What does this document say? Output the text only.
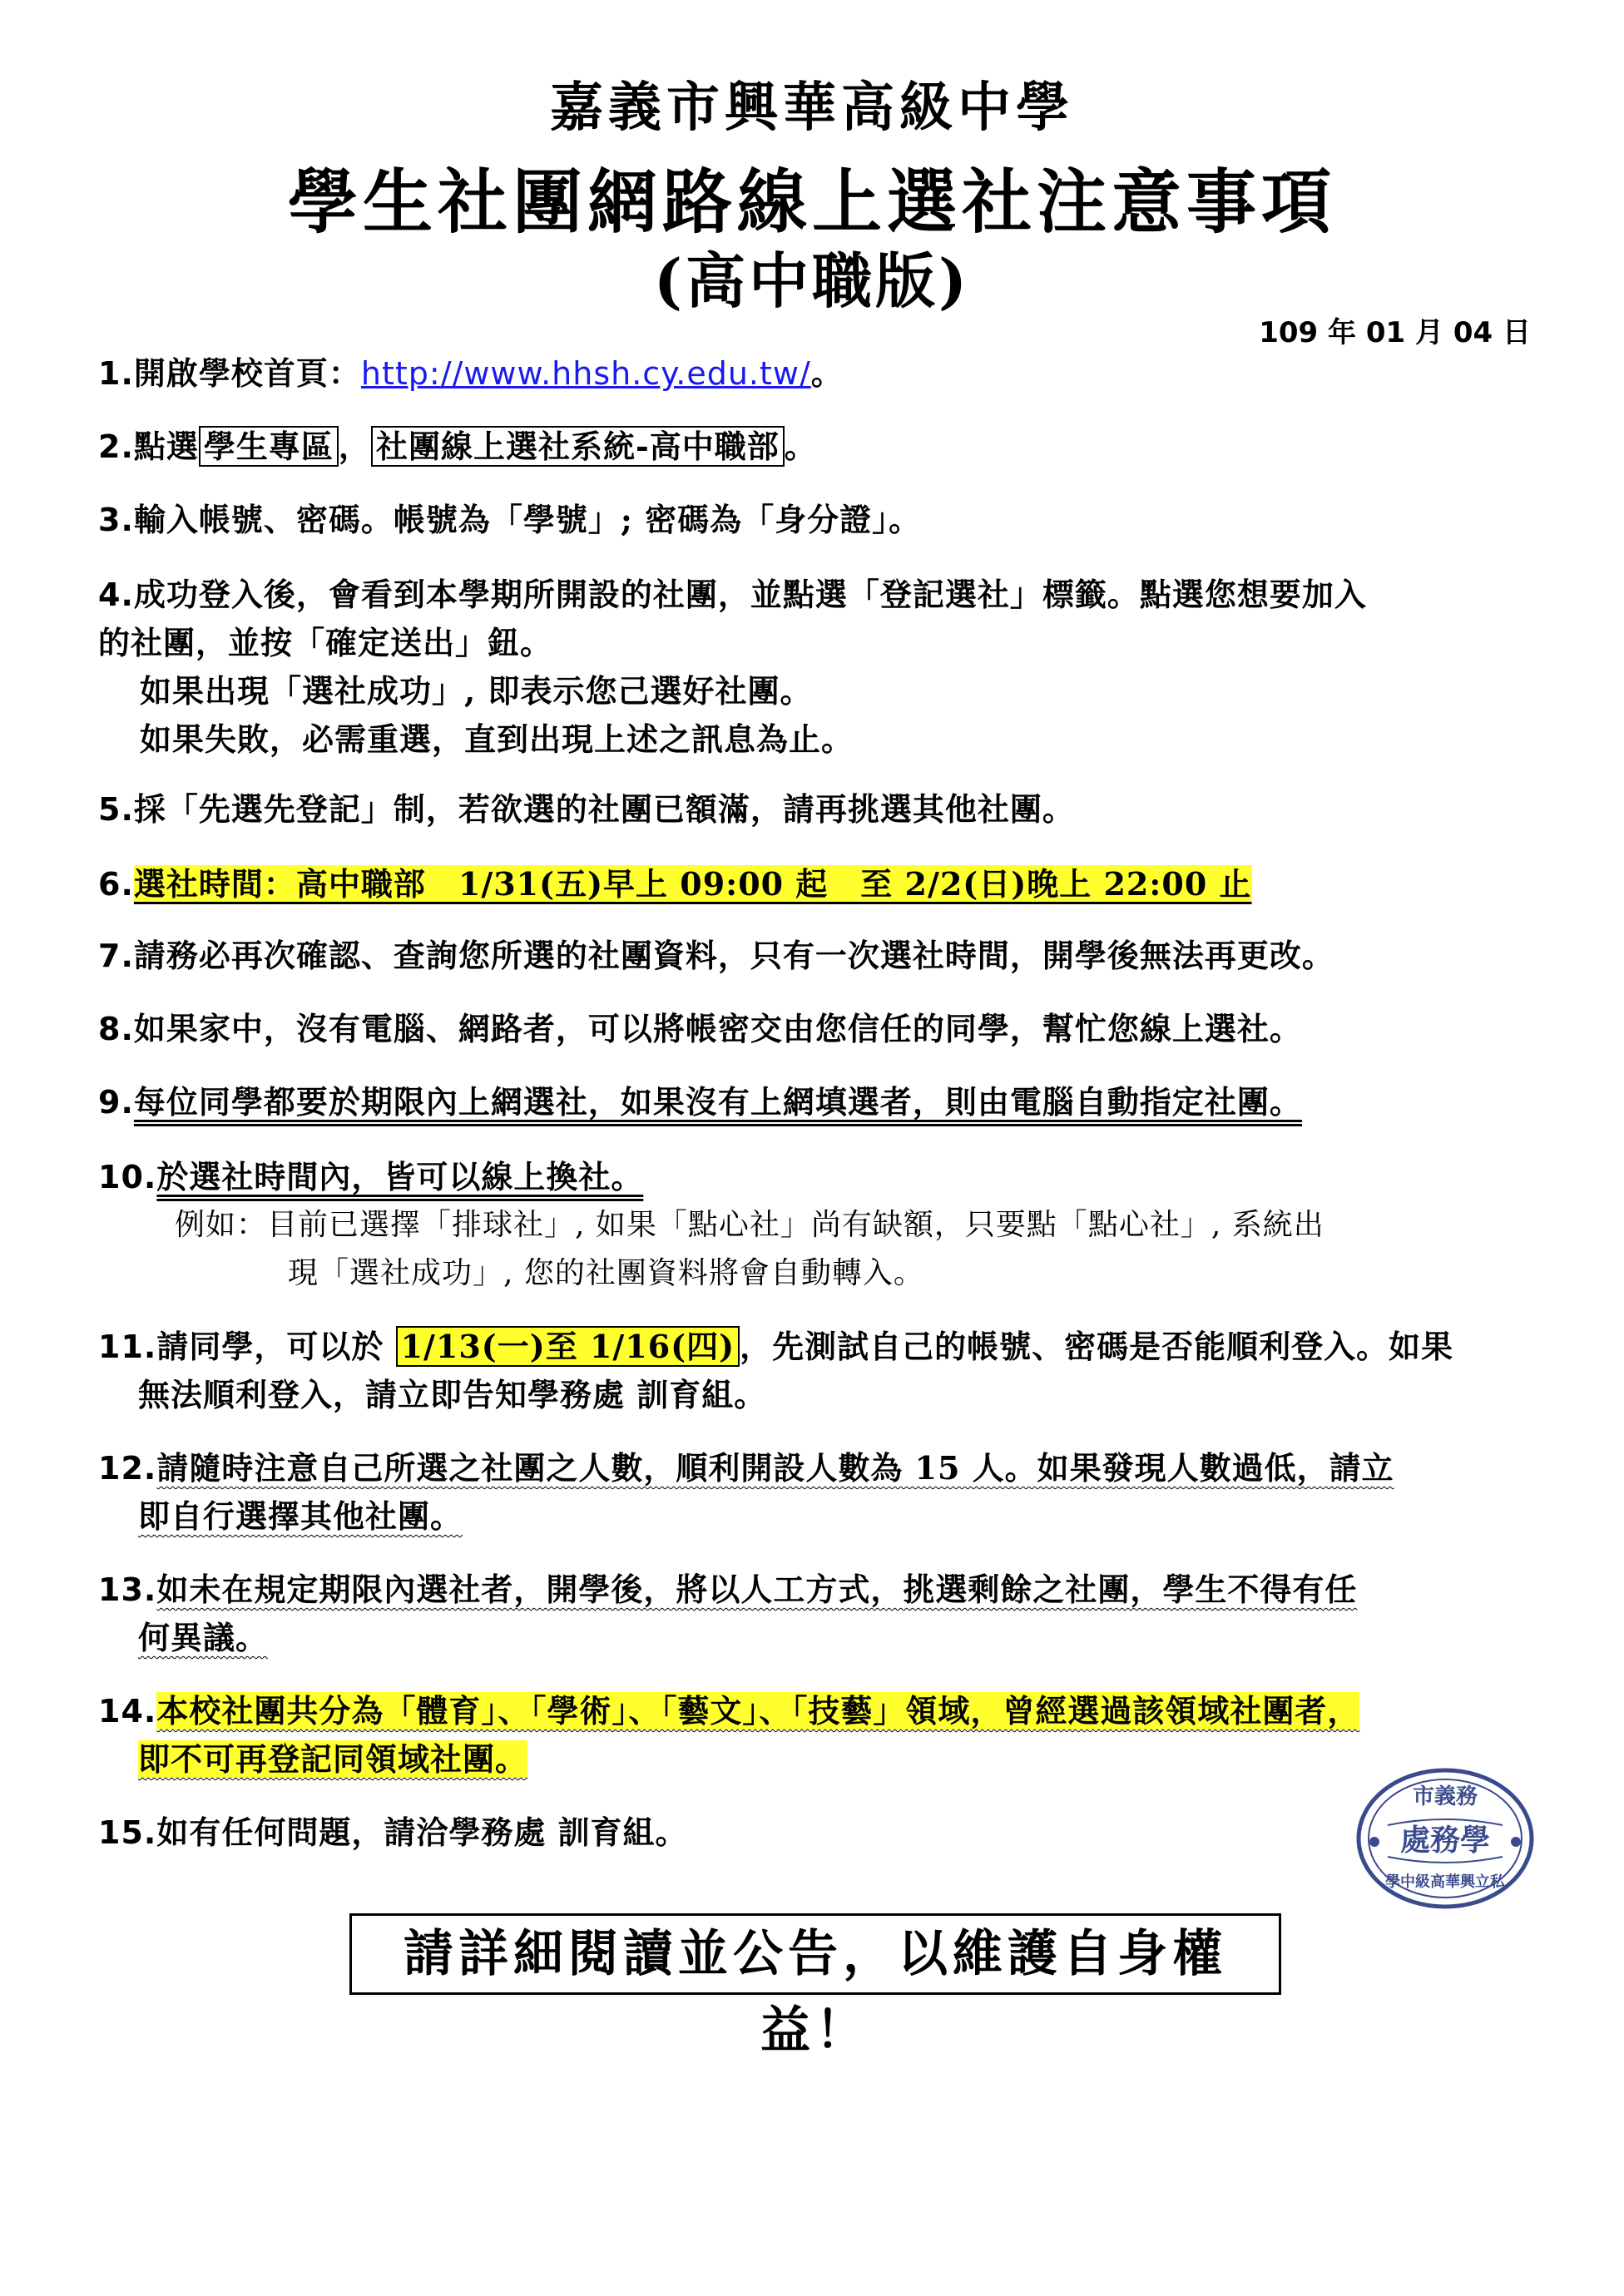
嘉義市興華高級中學
學生社團網路線上選社注意事項
(高中職版)
109 年 01 月 04 日
1.開啟學校首頁：http://www.hhsh.cy.edu.tw/。
2.點選 學生專區 ， 社團線上選社系統-高中職部 。
3.輸入帳號、密碼。帳號為「學號」; 密碼為「身分證」。
4.成功登入後，會看到本學期所開設的社團，並點選「登記選社」標籤。點選您想要加入
的社團，並按「確定送出」鈕。
如果出現「選社成功」, 即表示您己選好社團。
如果失敗，必需重選，直到出現上述之訊息為止。
5.採「先選先登記」制，若欲選的社團已額滿，請再挑選其他社團。
6.選社時間：高中職部　1/31(五)早上 09:00 起　至 2/2(日)晚上 22:00 止
7.請務必再次確認、查詢您所選的社團資料，只有一次選社時間，開學後無法再更改。
8.如果家中，沒有電腦、網路者，可以將帳密交由您信任的同學，幫忙您線上選社。
9.每位同學都要於期限內上網選社，如果沒有上網填選者，則由電腦自動指定社團。
10.於選社時間內，皆可以線上換社。
例如：目前已選擇「排球社」, 如果「點心社」尚有缺額，只要點「點心社」, 系統出
現「選社成功」, 您的社團資料將會自動轉入。
11.請同學，可以於 1/13(一)至 1/16(四) ，先測試自己的帳號、密碼是否能順利登入。如果
無法順利登入，請立即告知學務處 訓育組。
12.請隨時注意自己所選之社團之人數，順利開設人數為 15 人。如果發現人數過低，請立
即自行選擇其他社團。
13.如未在規定期限內選社者，開學後，將以人工方式，挑選剩餘之社團，學生不得有任
何異議。
14.本校社團共分為「體育」、「學術」、「藝文」、「技藝」領域，曾經選過該領域社團者，
即不可再登記同領域社團。
15.如有任何問題，請洽學務處 訓育組。
市義務
處務學
學中級高華興立私
請詳細閱讀並公告，以維護自身權益！
